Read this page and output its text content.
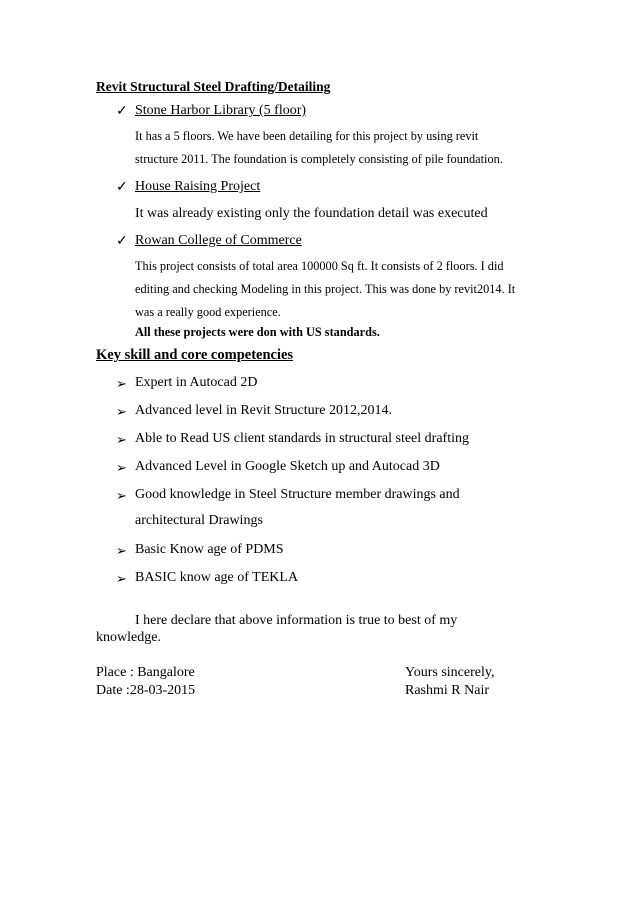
Revit Structural Steel Drafting/Detailing
✓ Stone Harbor Library (5 floor)
It has a 5 floors. We have been detailing for this project by using revit
structure 2011. The foundation is completely consisting of pile foundation.
✓ House Raising Project
It was already existing only the foundation detail was executed
✓ Rowan College of Commerce
This project consists of total area 100000 Sq ft. It consists of 2 floors. I did
editing and checking Modeling in this project. This was done by revit2014. It
was a really good experience.
All these projects were don with US standards.
Key skill and core competencies
➢ Expert in Autocad 2D
➢ Advanced level in Revit Structure 2012,2014.
➢ Able to Read US client standards in structural steel drafting
➢ Advanced Level in Google Sketch up and Autocad 3D
➢ Good knowledge in Steel Structure member drawings and
architectural Drawings
➢ Basic Know age of PDMS
➢ BASIC know age of TEKLA
I here declare that above information is true to best of my
knowledge.
Place : Bangalore
Date :28-03-2015
Yours sincerely,
Rashmi R Nair
